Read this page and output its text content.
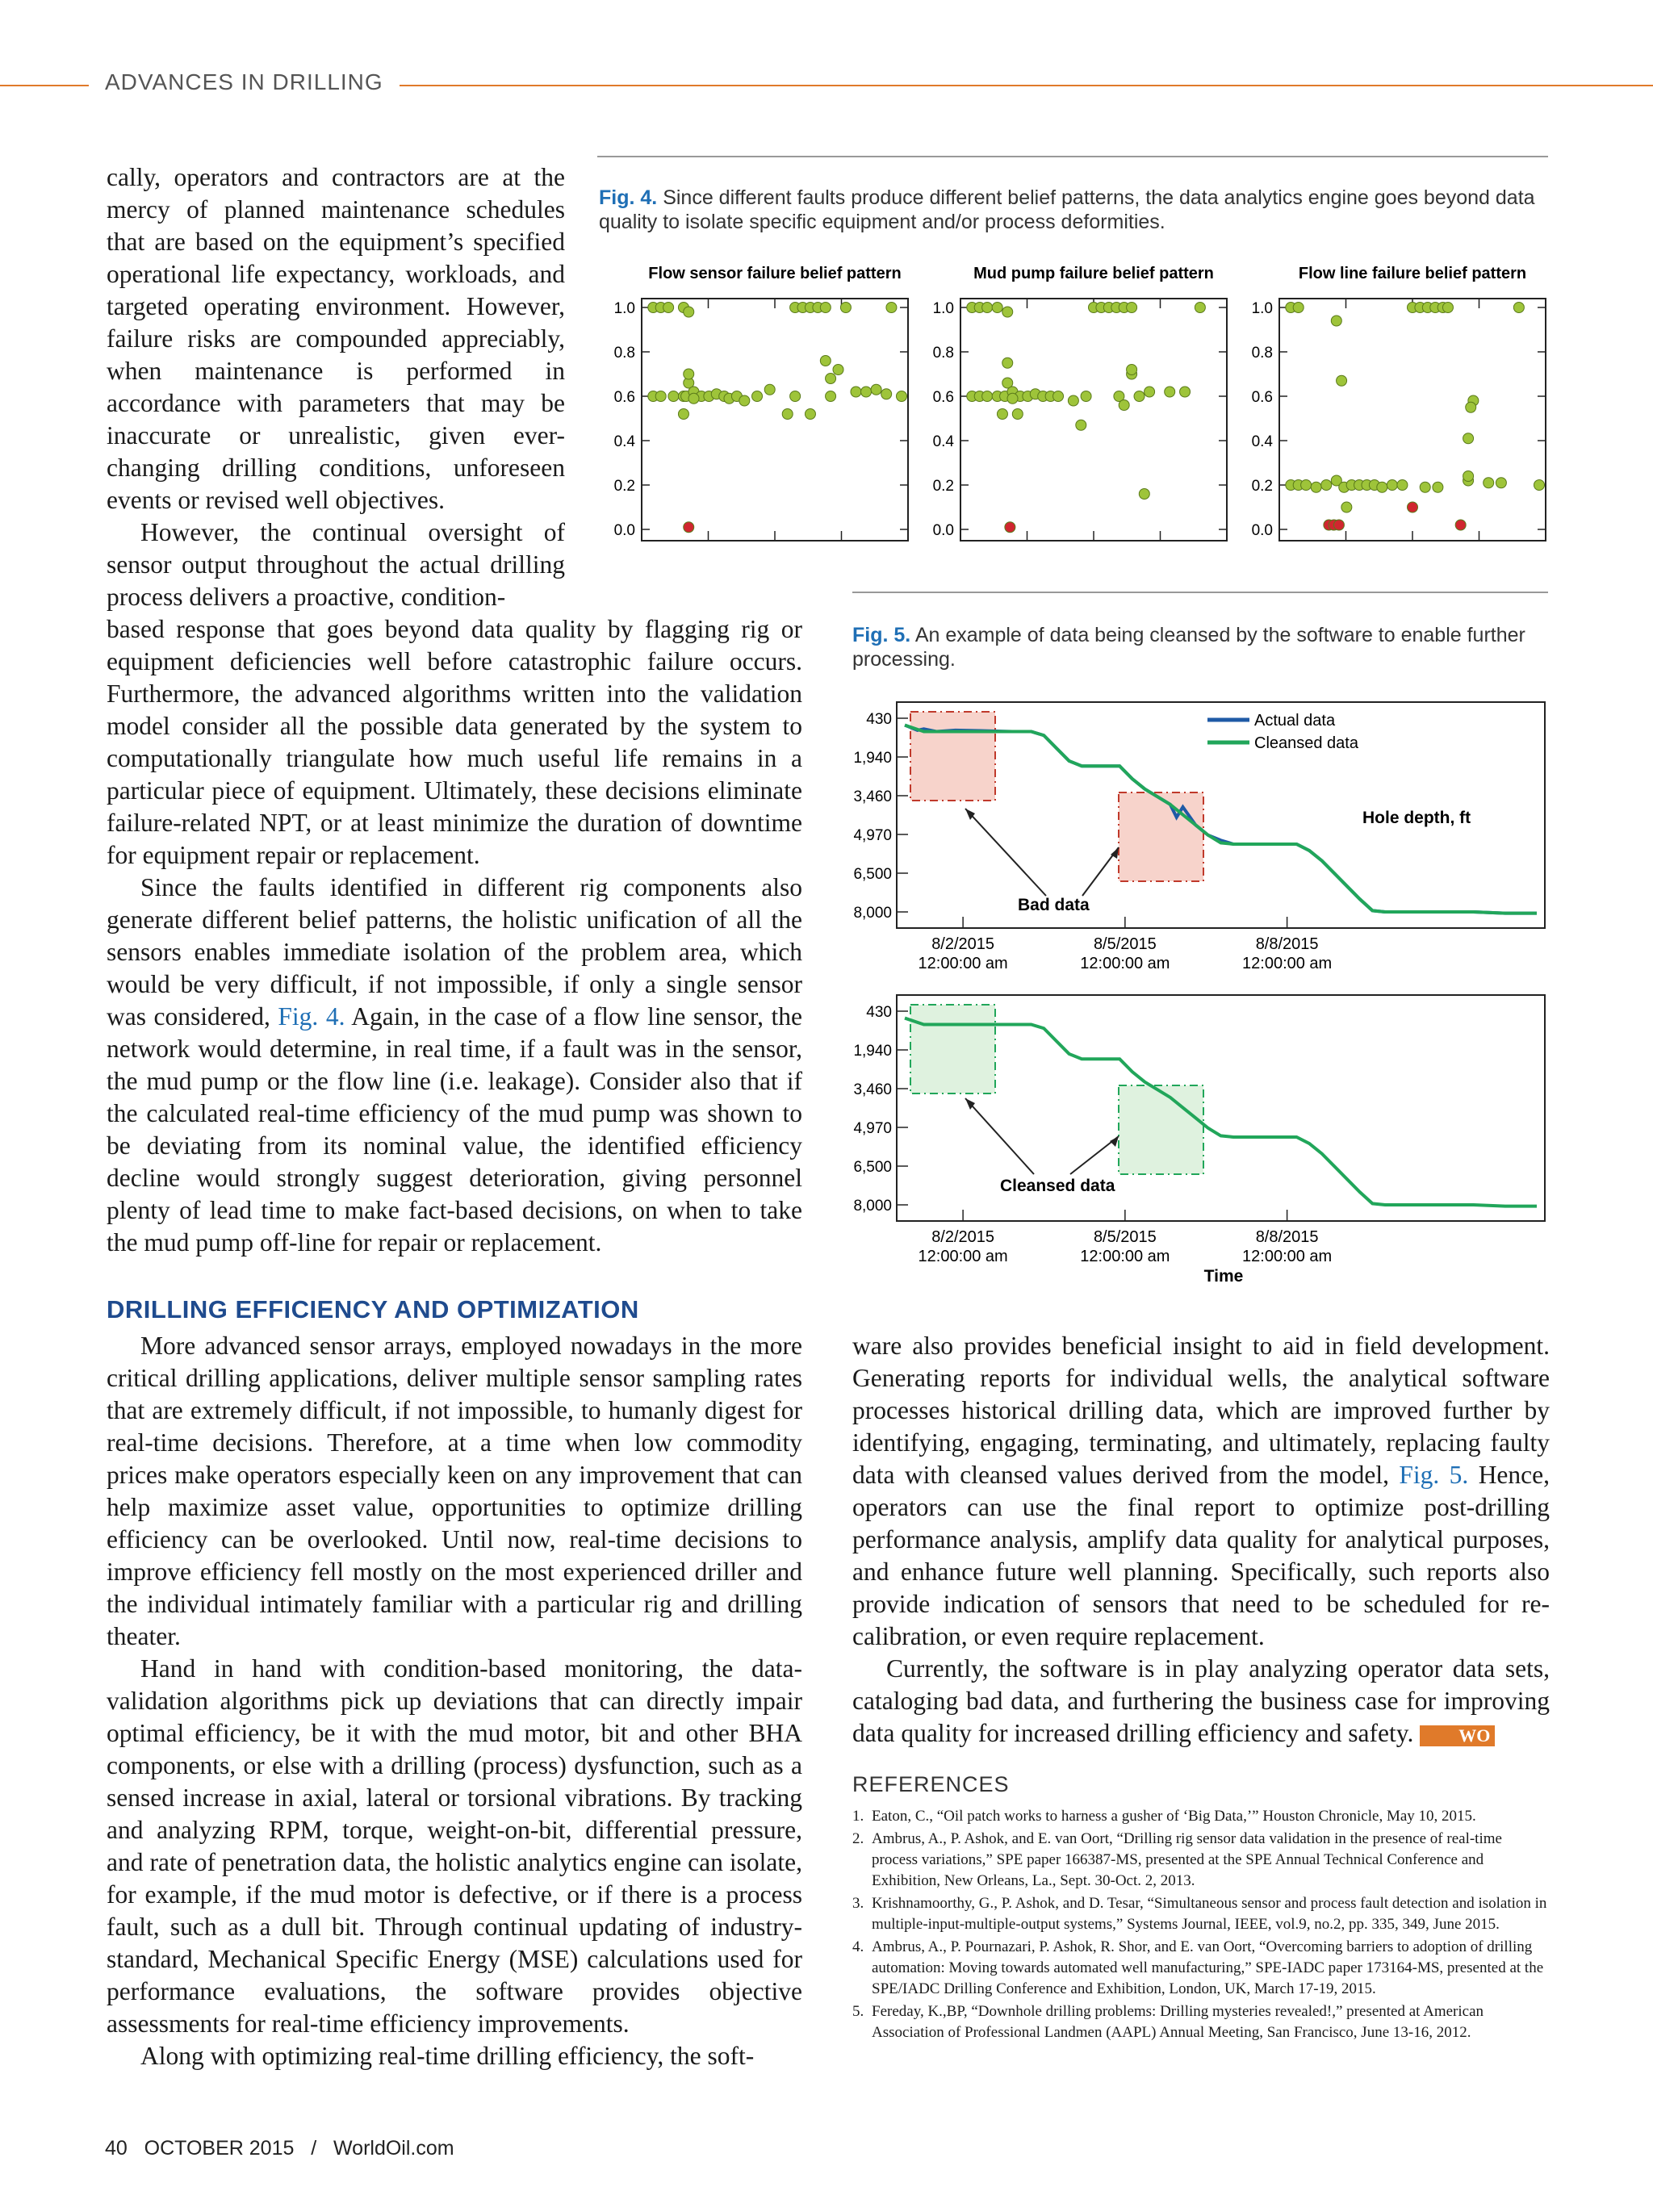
ADVANCES IN DRILLING

cally, operators and contractors are at the mercy of planned maintenance schedules that are based on the equipment’s specified operational life expectancy, workloads, and targeted operating environment. However, failure risks are compounded appreciably, when maintenance is performed in accordance with parameters that may be inaccurate or unrealistic, given ever-changing drilling conditions, unforeseen events or revised well objectives.

However, the continual oversight of sensor output throughout the actual drilling process delivers a proactive, condition-

based response that goes beyond data quality by flagging rig or equipment deficiencies well before catastrophic failure occurs. Furthermore, the advanced algorithms written into the validation model consider all the possible data generated by the system to computationally triangulate how much useful life remains in a particular piece of equipment. Ultimately, these decisions eliminate failure-related NPT, or at least minimize the duration of downtime for equipment repair or replacement.

Since the faults identified in different rig components also generate different belief patterns, the holistic unification of all the sensors enables immediate isolation of the problem area, which would be very difficult, if not impossible, if only a single sensor was considered, Fig. 4. Again, in the case of a flow line sensor, the network would determine, in real time, if a fault was in the sensor, the mud pump or the flow line (i.e. leakage). Consider also that if the calculated real-time efficiency of the mud pump was shown to be deviating from its nominal value, the identified efficiency decline would strongly suggest deterioration, giving personnel plenty of lead time to make fact-based decisions, on when to take the mud pump off-line for repair or replacement.

DRILLING EFFICIENCY AND OPTIMIZATION

More advanced sensor arrays, employed nowadays in the more critical drilling applications, deliver multiple sensor sampling rates that are extremely difficult, if not impossible, to humanly digest for real-time decisions. Therefore, at a time when low commodity prices make operators especially keen on any improvement that can help maximize asset value, opportunities to optimize drilling efficiency can be overlooked. Until now, real-time decisions to improve efficiency fell mostly on the most experienced driller and the individual intimately familiar with a particular rig and drilling theater.

Hand in hand with condition-based monitoring, the data-validation algorithms pick up deviations that can directly impair optimal efficiency, be it with the mud motor, bit and other BHA components, or else with a drilling (process) dysfunction, such as a sensed increase in axial, lateral or torsional vibrations. By tracking and analyzing RPM, torque, weight-on-bit, differential pressure, and rate of penetration data, the holistic analytics engine can isolate, for example, if the mud motor is defective, or if there is a process fault, such as a dull bit. Through continual updating of industry-standard, Mechanical Specific Energy (MSE) calculations used for performance evaluations, the software provides objective assessments for real-time efficiency improvements.

Along with optimizing real-time drilling efficiency, the soft-

ware also provides beneficial insight to aid in field development. Generating reports for individual wells, the analytical software processes historical drilling data, which are improved further by identifying, engaging, terminating, and ultimately, replacing faulty data with cleansed values derived from the model, Fig. 5. Hence, operators can use the final report to optimize post-drilling performance analysis, amplify data quality for analytical purposes, and enhance future well planning. Specifically, such reports also provide indication of sensors that need to be scheduled for re-calibration, or even require replacement.

Currently, the software is in play analyzing operator data sets, cataloging bad data, and furthering the business case for improving data quality for increased drilling efficiency and safety.	WO

Fig. 4. Since different faults produce different belief patterns, the data analytics engine goes beyond data quality to isolate specific equipment and/or process deformities.
Flow sensor failure belief pattern
1.0
0.8
0.6
0.4
0.2
0.0
Mud pump failure belief pattern
1.0
0.8
0.6
0.4
0.2
0.0
Flow line failure belief pattern
1.0
0.8
0.6
0.4
0.2
0.0
Fig. 5. An example of data being cleansed by the software to enable further processing.
430
1,940
3,460
4,970
6,500
8,000
8/2/2015
12:00:00 am
8/5/2015
12:00:00 am
8/8/2015
12:00:00 am
Actual data
Cleansed data
Hole depth, ft
Bad data
430
1,940
3,460
4,970
6,500
8,000
8/2/2015
12:00:00 am
8/5/2015
12:00:00 am
8/8/2015
12:00:00 am
Cleansed data
Time
REFERENCES
1. Eaton, C., “Oil patch works to harness a gusher of ‘Big Data,’” Houston Chronicle, May 10, 2015.
2. Ambrus, A., P. Ashok, and E. van Oort, “Drilling rig sensor data validation in the presence of real-time process variations,” SPE paper 166387-MS, presented at the SPE Annual Technical Conference and Exhibition, New Orleans, La., Sept. 30-Oct. 2, 2013.
3. Krishnamoorthy, G., P. Ashok, and D. Tesar, “Simultaneous sensor and process fault detection and isolation in multiple-input-multiple-output systems,” Systems Journal, IEEE, vol.9, no.2, pp. 335, 349, June 2015.
4. Ambrus, A., P. Pournazari, P. Ashok, R. Shor, and E. van Oort, “Overcoming barriers to adoption of drilling automation: Moving towards automated well manufacturing,” SPE-IADC paper 173164-MS, presented at the SPE/IADC Drilling Conference and Exhibition, London, UK, March 17-19, 2015.
5. Fereday, K.,BP, “Downhole drilling problems: Drilling mysteries revealed!,” presented at American Association of Professional Landmen (AAPL) Annual Meeting, San Francisco, June 13-16, 2012.
40 OCTOBER 2015 / WorldOil.com
